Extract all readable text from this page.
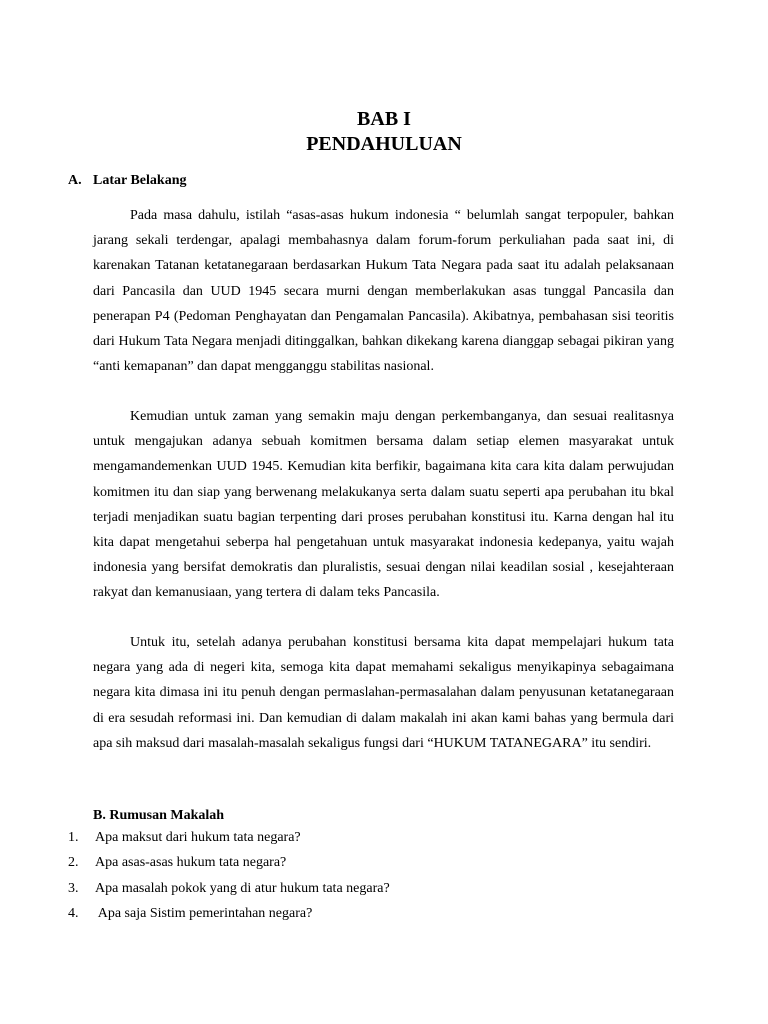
BAB I
PENDAHULUAN
A. Latar Belakang

Pada masa dahulu, istilah “asas-asas hukum indonesia “ belumlah sangat terpopuler, bahkan jarang sekali terdengar, apalagi membahasnya dalam forum-forum perkuliahan pada saat ini, di karenakan Tatanan ketatanegaraan berdasarkan Hukum Tata Negara pada saat itu adalah pelaksanaan dari Pancasila dan UUD 1945 secara murni dengan memberlakukan asas tunggal Pancasila dan penerapan P4 (Pedoman Penghayatan dan Pengamalan Pancasila). Akibatnya, pembahasan sisi teoritis dari Hukum Tata Negara menjadi ditinggalkan, bahkan dikekang karena dianggap sebagai pikiran yang “anti kemapanan” dan dapat mengganggu stabilitas nasional.

Kemudian untuk zaman yang semakin maju dengan perkembanganya, dan sesuai realitasnya untuk mengajukan adanya sebuah komitmen bersama dalam setiap elemen masyarakat untuk mengamandemenkan UUD 1945. Kemudian kita berfikir, bagaimana kita cara kita dalam perwujudan komitmen itu dan siap yang berwenang melakukanya serta dalam suatu seperti apa perubahan itu bkal terjadi menjadikan suatu bagian terpenting dari proses perubahan konstitusi itu. Karna dengan hal itu kita dapat mengetahui seberpa hal pengetahuan untuk masyarakat indonesia kedepanya, yaitu wajah indonesia yang bersifat demokratis dan pluralistis, sesuai dengan nilai keadilan sosial , kesejahteraan rakyat dan kemanusiaan, yang tertera di dalam teks Pancasila.

Untuk itu, setelah adanya perubahan konstitusi bersama kita dapat mempelajari hukum tata negara yang ada di negeri kita, semoga kita dapat memahami sekaligus menyikapinya sebagaimana negara kita dimasa ini itu penuh dengan permaslahan-permasalahan dalam penyusunan ketatanegaraan di era sesudah reformasi ini. Dan kemudian di dalam makalah ini akan kami bahas yang bermula dari apa sih maksud dari masalah-masalah sekaligus fungsi dari “HUKUM TATANEGARA” itu sendiri.

B. Rumusan Makalah
1. Apa maksut dari hukum tata negara?
2. Apa asas-asas hukum tata negara?
3. Apa masalah pokok yang di atur hukum tata negara?
4. Apa saja Sistim pemerintahan negara?
